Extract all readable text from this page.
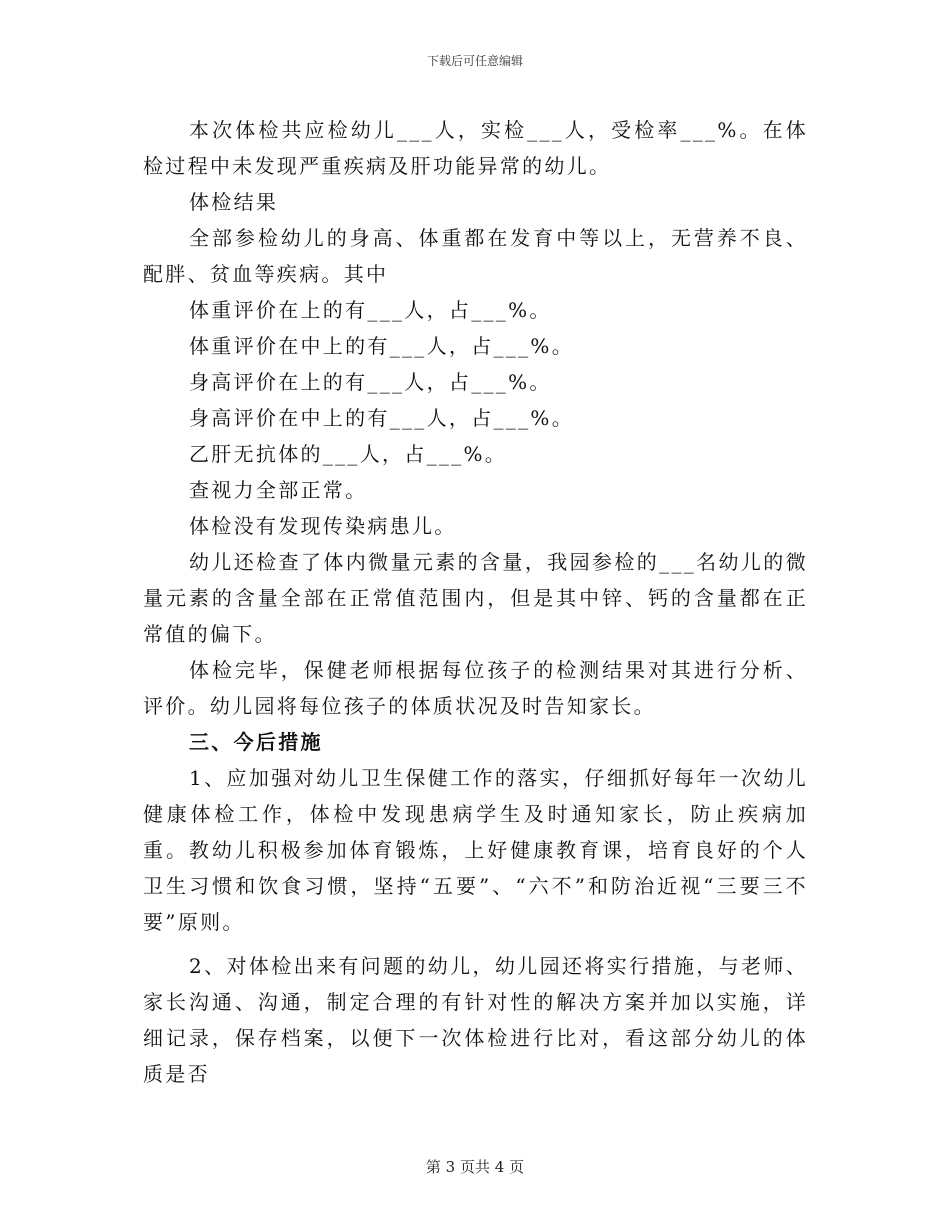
下载后可任意编辑

本次体检共应检幼儿___人，实检___人，受检率___%。在体检过程中未发现严重疾病及肝功能异常的幼儿。

体检结果

全部参检幼儿的身高、体重都在发育中等以上，无营养不良、配胖、贫血等疾病。其中

体重评价在上的有___人，占___%。

体重评价在中上的有___人，占___%。

身高评价在上的有___人，占___%。

身高评价在中上的有___人，占___%。

乙肝无抗体的___人，占___%。

查视力全部正常。

体检没有发现传染病患儿。

幼儿还检查了体内微量元素的含量，我园参检的___名幼儿的微量元素的含量全部在正常值范围内，但是其中锌、钙的含量都在正常值的偏下。

体检完毕，保健老师根据每位孩子的检测结果对其进行分析、评价。幼儿园将每位孩子的体质状况及时告知家长。

三、今后措施

1、应加强对幼儿卫生保健工作的落实，仔细抓好每年一次幼儿健康体检工作，体检中发现患病学生及时通知家长，防止疾病加重。教幼儿积极参加体育锻炼，上好健康教育课，培育良好的个人卫生习惯和饮食习惯，坚持“五要”、“六不”和防治近视“三要三不要”原则。

2、对体检出来有问题的幼儿，幼儿园还将实行措施，与老师、家长沟通、沟通，制定合理的有针对性的解决方案并加以实施，详细记录，保存档案，以便下一次体检进行比对，看这部分幼儿的体质是否

第 3 页共 4 页
